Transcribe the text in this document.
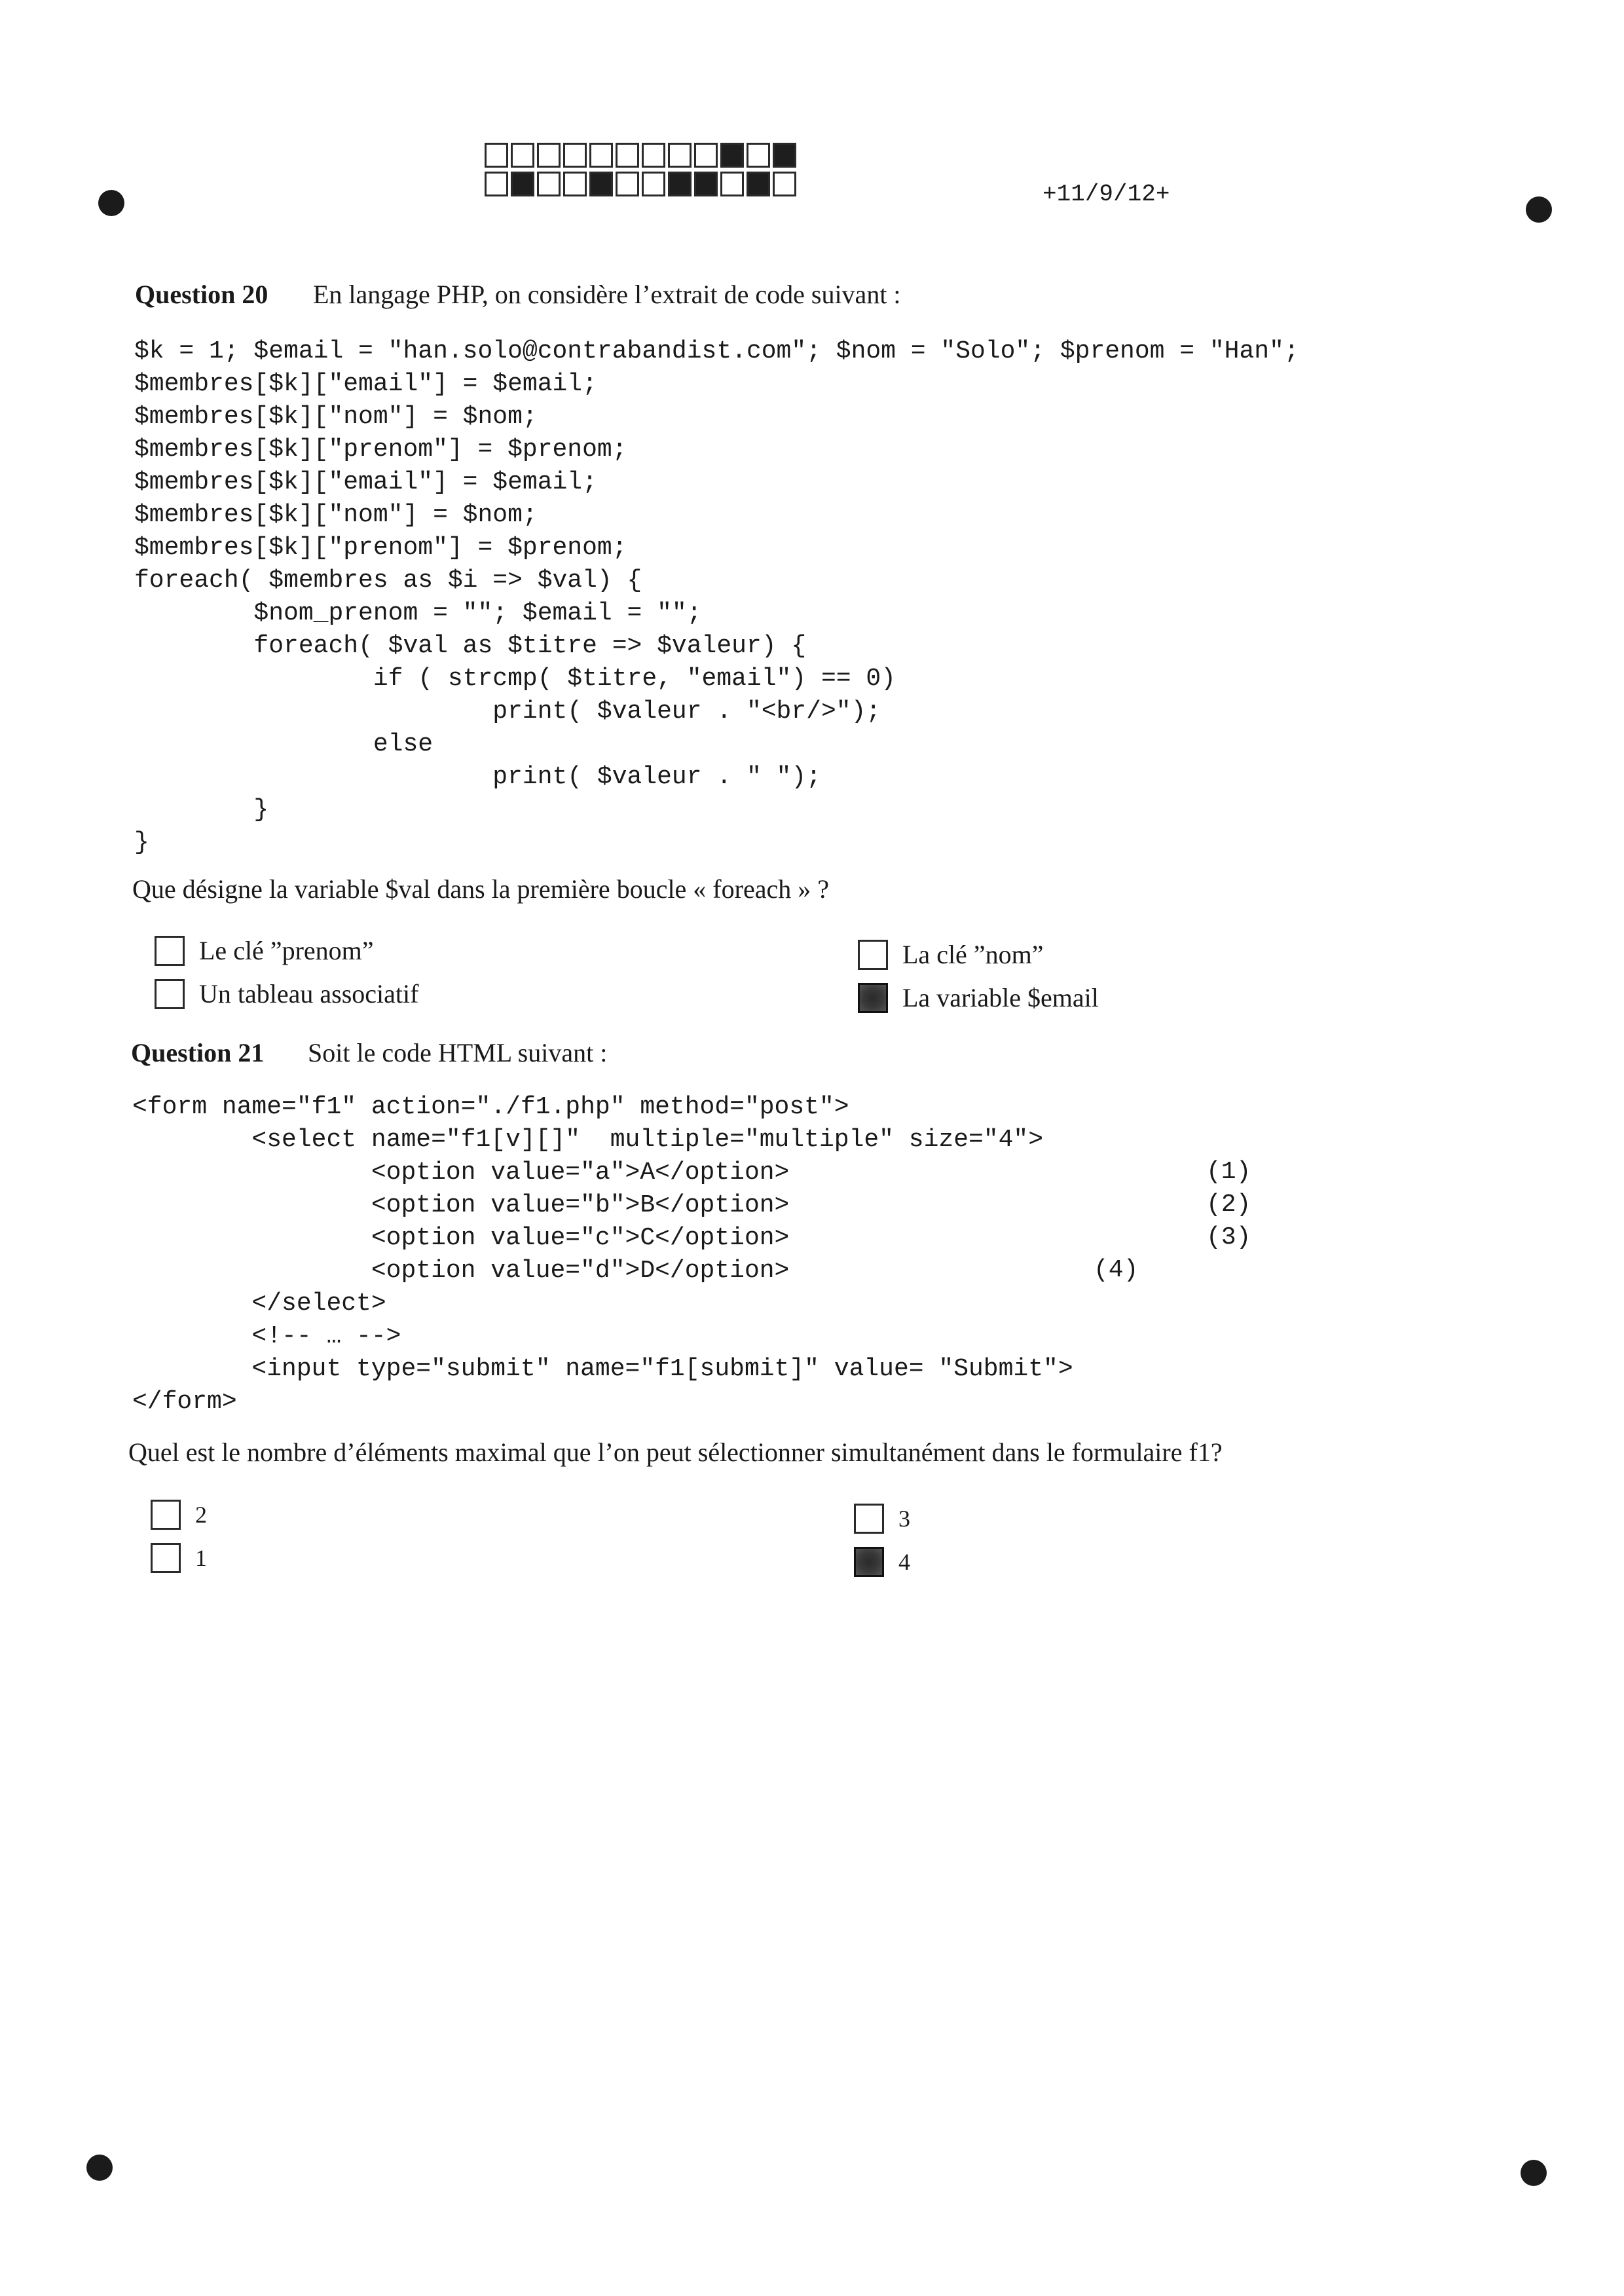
+11/9/12+
Question 20 En langage PHP, on considère l’extrait de code suivant :
$k = 1; $email = "han.solo@contrabandist.com"; $nom = "Solo"; $prenom = "Han";
$membres[$k]["email"] = $email;
$membres[$k]["nom"] = $nom;
$membres[$k]["prenom"] = $prenom;
$membres[$k]["email"] = $email;
$membres[$k]["nom"] = $nom;
$membres[$k]["prenom"] = $prenom;
foreach( $membres as $i => $val) {
$nom_prenom = ""; $email = "";
foreach( $val as $titre => $valeur) {
if ( strcmp( $titre, "email") == 0)
print( $valeur . "<br/>");
else
print( $valeur . " ");
}
}
Que désigne la variable $val dans la première boucle « foreach » ?
Le clé ”prenom”	La clé ”nom”
Un tableau associatif	La variable $email
Question 21 Soit le code HTML suivant :
<form name="f1" action="./f1.php" method="post">
<select name="f1[v][]"  multiple="multiple" size="4">
<option value="a">A</option>
<option value="b">B</option>
<option value="c">C</option>
<option value="d">D</option>
</select>
<!-- … -->
<input type="submit" name="f1[submit]" value= "Submit">
</form>
(1)
(2)
(3)
(4)
Quel est le nombre d’éléments maximal que l’on peut sélectionner simultanément dans le formulaire f1?
2	3
1	4
